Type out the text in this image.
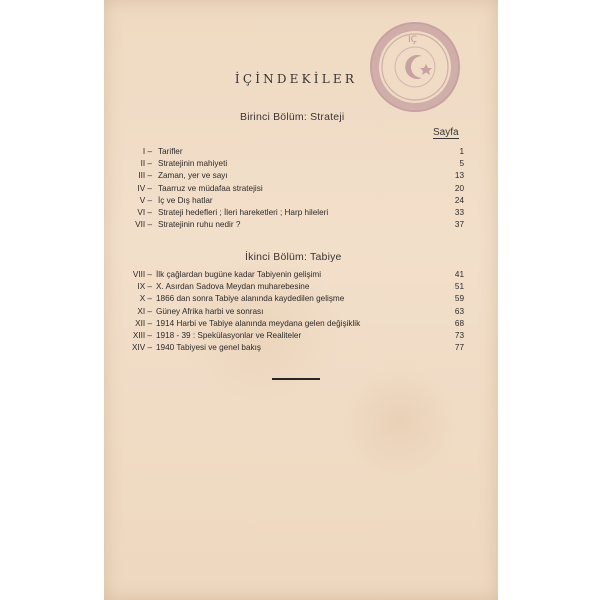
IÇ
İÇİNDEKİLER
Birinci Bölüm: Strateji
Sayfa
I – Tarifler	1
II – Stratejinin mahiyeti	5
III – Zaman, yer ve sayı	13
IV – Taarruz ve müdafaa stratejisi	20
V – İç ve Dış hatlar	24
VI – Strateji hedefleri ; İleri hareketleri ; Harp hileleri	33
VII – Stratejinin ruhu nedir ?	37
İkinci Bölüm: Tabiye
VIII – İlk çağlardan bugüne kadar Tabiyenin gelişimi	41
IX – X. Asırdan Sadova Meydan muharebesine	51
X – 1866 dan sonra Tabiye alanında kaydedilen gelişme	59
XI – Güney Afrika harbi ve sonrası	63
XII – 1914 Harbi ve Tabiye alanında meydana gelen değişiklik	68
XIII – 1918 - 39 : Spekülasyonlar ve Realiteler	73
XIV – 1940 Tabiyesi ve genel bakış	77
